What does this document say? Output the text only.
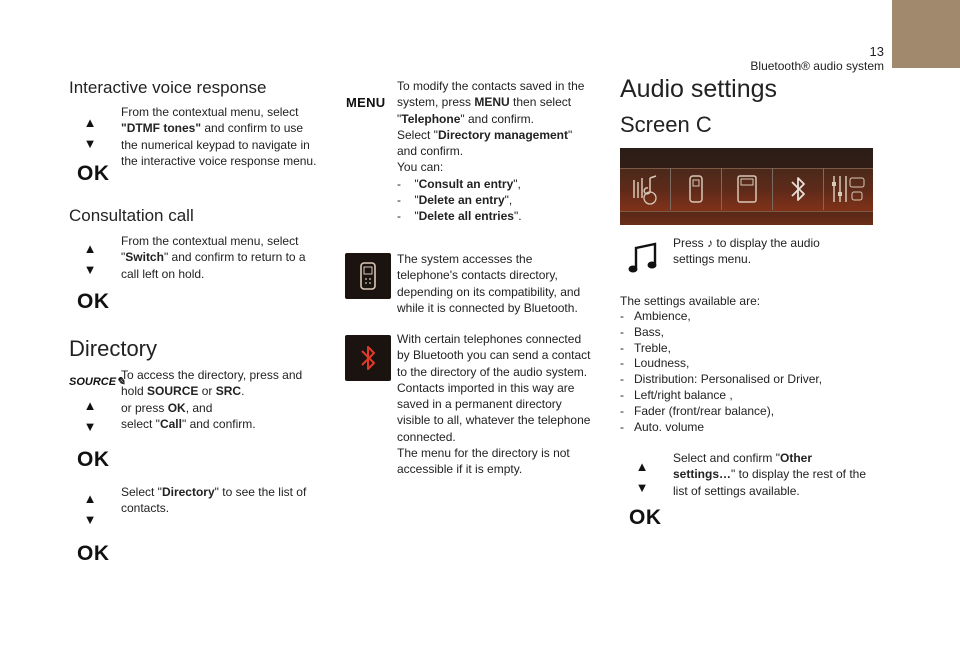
13
Bluetooth® audio system
Interactive voice response
▲
▼
OK
From the contextual menu, select
"DTMF tones" and confirm to use
the numerical keypad to navigate in
the interactive voice response menu.
Consultation call
▲
▼
OK
From the contextual menu, select
"Switch" and confirm to return to a
call left on hold.
Directory
SOURCE✎
▲
▼
OK
To access the directory, press and
hold SOURCE or SRC.
or press OK, and
select "Call" and confirm.
▲
▼
OK
Select "Directory" to see the list of
contacts.
MENU
To modify the contacts saved in the
system, press MENU then select
"Telephone" and confirm.
Select "Directory management"
and confirm.
You can:
-    "Consult an entry",
-    "Delete an entry",
-    "Delete all entries".
The system accesses the
telephone's contacts directory,
depending on its compatibility, and
while it is connected by Bluetooth.
With certain telephones connected
by Bluetooth you can send a contact
to the directory of the audio system.
Contacts imported in this way are
saved in a permanent directory
visible to all, whatever the telephone
connected.
The menu for the directory is not
accessible if it is empty.
Audio settings
Screen C
Press ♪ to display the audio
settings menu.
The settings available are:
-   Ambience,
-   Bass,
-   Treble,
-   Loudness,
-   Distribution: Personalised or Driver,
-   Left/right balance ,
-   Fader (front/rear balance),
-   Auto. volume
▲
▼
OK
Select and confirm "Other
settings…" to display the rest of the
list of settings available.
